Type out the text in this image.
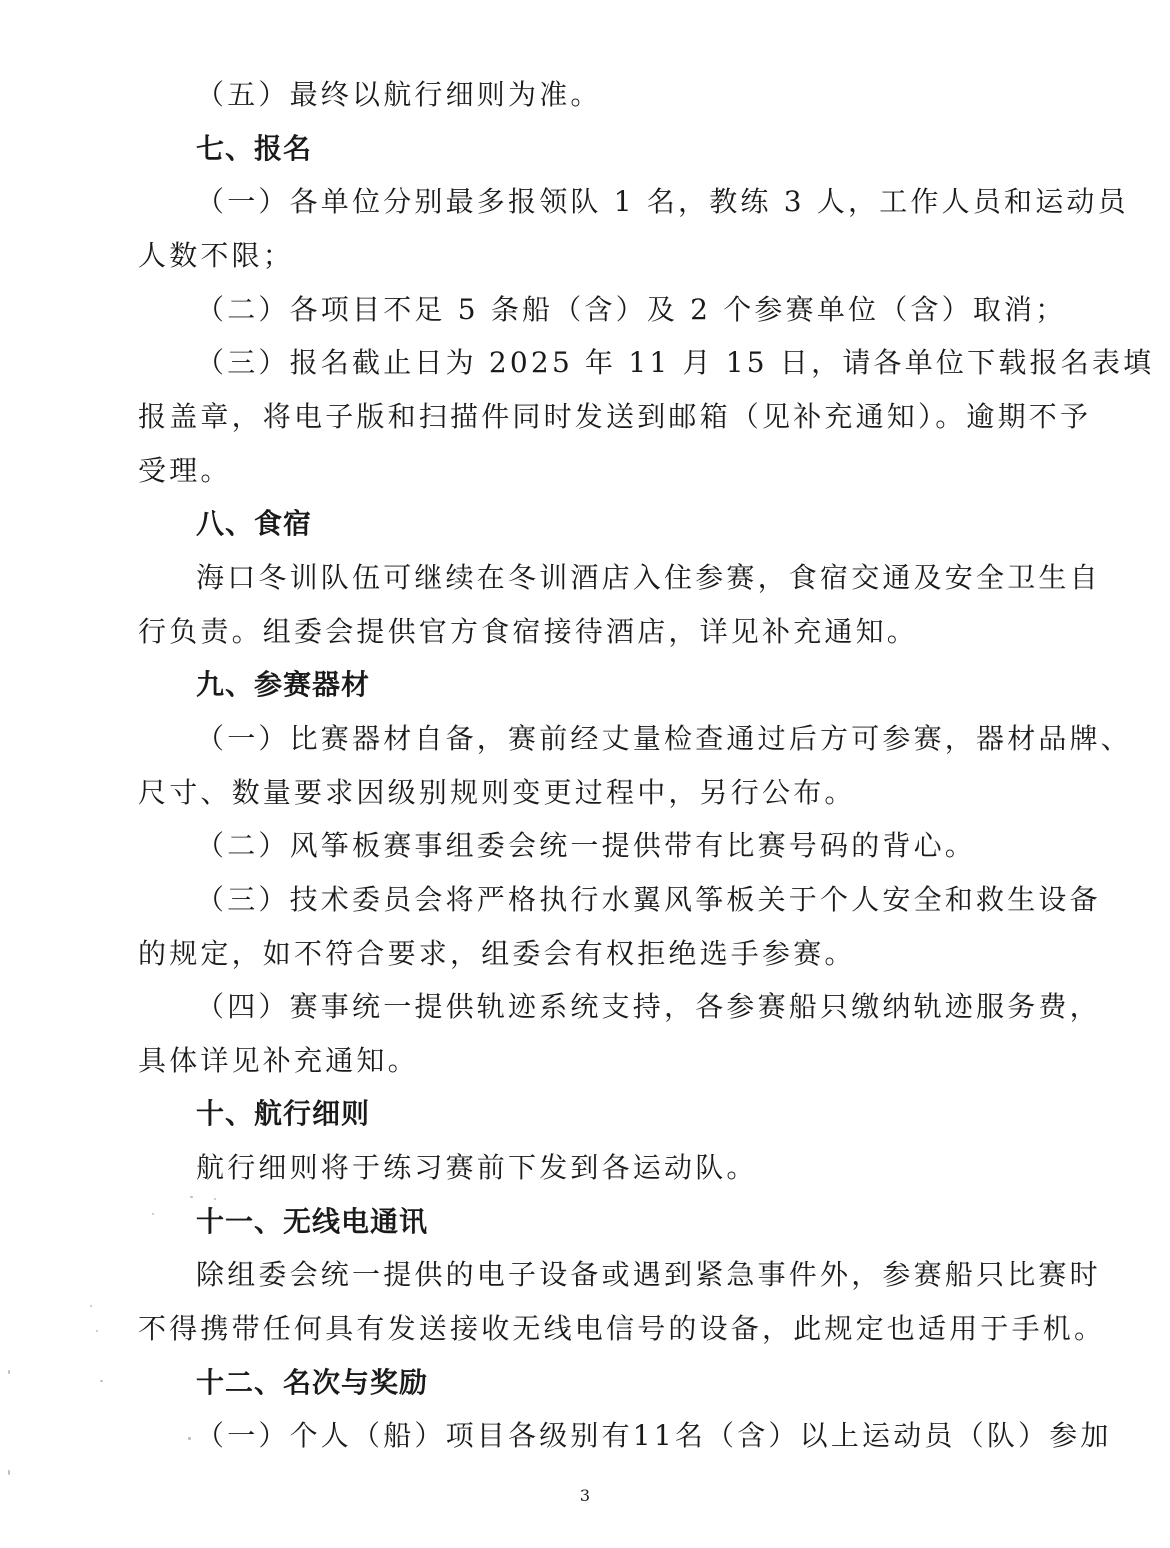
（五）最终以航行细则为准。
七、报名
（一）各单位分别最多报领队 1 名，教练 3 人，工作人员和运动员
人数不限；
（二）各项目不足 5 条船（含）及 2 个参赛单位（含）取消；
（三）报名截止日为 2025 年 11 月 15 日，请各单位下载报名表填
报盖章，将电子版和扫描件同时发送到邮箱（见补充通知）。逾期不予
受理。
八、食宿
海口冬训队伍可继续在冬训酒店入住参赛，食宿交通及安全卫生自
行负责。组委会提供官方食宿接待酒店，详见补充通知。
九、参赛器材
（一）比赛器材自备，赛前经丈量检查通过后方可参赛，器材品牌、
尺寸、数量要求因级别规则变更过程中，另行公布。
（二）风筝板赛事组委会统一提供带有比赛号码的背心。
（三）技术委员会将严格执行水翼风筝板关于个人安全和救生设备
的规定，如不符合要求，组委会有权拒绝选手参赛。
（四）赛事统一提供轨迹系统支持，各参赛船只缴纳轨迹服务费，
具体详见补充通知。
十、航行细则
航行细则将于练习赛前下发到各运动队。
十一、无线电通讯
除组委会统一提供的电子设备或遇到紧急事件外，参赛船只比赛时
不得携带任何具有发送接收无线电信号的设备，此规定也适用于手机。
十二、名次与奖励
（一）个人（船）项目各级别有11名（含）以上运动员（队）参加
3
